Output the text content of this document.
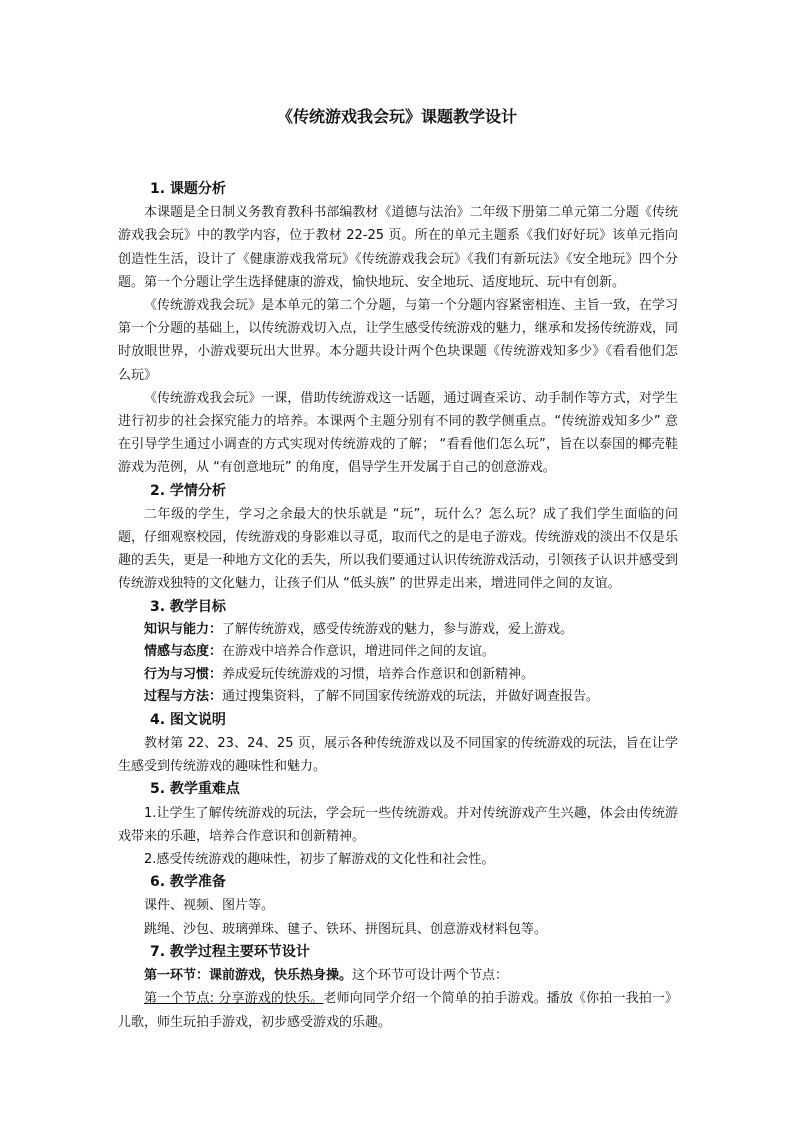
《传统游戏我会玩》课题教学设计

1. 课题分析

本课题是全日制义务教育教科书部编教材《道德与法治》二年级下册第二单元第二分题《传统游戏我会玩》中的教学内容，位于教材 22-25 页。所在的单元主题系《我们好好玩》该单元指向创造性生活，设计了《健康游戏我常玩》《传统游戏我会玩》《我们有新玩法》《安全地玩》四个分题。第一个分题让学生选择健康的游戏，愉快地玩、安全地玩、适度地玩、玩中有创新。

《传统游戏我会玩》是本单元的第二个分题，与第一个分题内容紧密相连、主旨一致，在学习第一个分题的基础上，以传统游戏切入点，让学生感受传统游戏的魅力，继承和发扬传统游戏，同时放眼世界，小游戏要玩出大世界。本分题共设计两个色块课题《传统游戏知多少》《看看他们怎么玩》

《传统游戏我会玩》一课，借助传统游戏这一话题，通过调查采访、动手制作等方式，对学生进行初步的社会探究能力的培养。本课两个主题分别有不同的教学侧重点。“传统游戏知多少” 意在引导学生通过小调查的方式实现对传统游戏的了解； “看看他们怎么玩”，旨在以泰国的椰壳鞋游戏为范例，从 “有创意地玩” 的角度，倡导学生开发属于自己的创意游戏。

2. 学情分析

二年级的学生，学习之余最大的快乐就是 “玩”，玩什么？怎么玩？成了我们学生面临的问题，仔细观察校园，传统游戏的身影难以寻觅，取而代之的是电子游戏。传统游戏的淡出不仅是乐趣的丢失，更是一种地方文化的丢失，所以我们要通过认识传统游戏活动，引领孩子认识并感受到传统游戏独特的文化魅力，让孩子们从 “低头族” 的世界走出来，增进同伴之间的友谊。

3. 教学目标

知识与能力：了解传统游戏，感受传统游戏的魅力，参与游戏，爱上游戏。

情感与态度：在游戏中培养合作意识，增进同伴之间的友谊。

行为与习惯：养成爱玩传统游戏的习惯，培养合作意识和创新精神。

过程与方法：通过搜集资料，了解不同国家传统游戏的玩法，并做好调查报告。

4. 图文说明

教材第 22、23、24、25 页，展示各种传统游戏以及不同国家的传统游戏的玩法，旨在让学生感受到传统游戏的趣味性和魅力。

5. 教学重难点

1.让学生了解传统游戏的玩法，学会玩一些传统游戏。并对传统游戏产生兴趣，体会由传统游戏带来的乐趣，培养合作意识和创新精神。

2.感受传统游戏的趣味性，初步了解游戏的文化性和社会性。

6. 教学准备

课件、视频、图片等。

跳绳、沙包、玻璃弹珠、毽子、铁环、拼图玩具、创意游戏材料包等。

7. 教学过程主要环节设计

第一环节：课前游戏，快乐热身操。这个环节可设计两个节点：

第一个节点: 分享游戏的快乐。老师向同学介绍一个简单的拍手游戏。播放《你拍一我拍一》儿歌，师生玩拍手游戏，初步感受游戏的乐趣。
